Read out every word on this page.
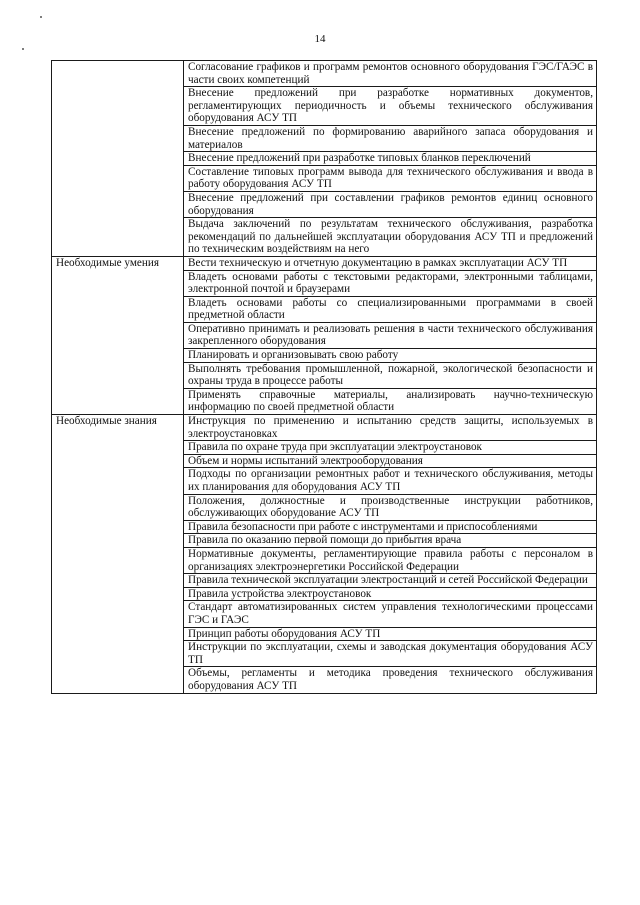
14
	Согласование графиков и программ ремонтов основного оборудования ГЭС/ГАЭС в части своих компетенций
	Внесение предложений при разработке нормативных документов, регламентирующих периодичность и объемы технического обслуживания оборудования АСУ ТП
	Внесение предложений по формированию аварийного запаса оборудования и материалов
	Внесение предложений при разработке типовых бланков переключений
	Составление типовых программ вывода для технического обслуживания и ввода в работу оборудования АСУ ТП
	Внесение предложений при составлении графиков ремонтов единиц основного оборудования
	Выдача заключений по результатам технического обслуживания, разработка рекомендаций по дальнейшей эксплуатации оборудования АСУ ТП и предложений по техническим воздействиям на него
Необходимые умения	Вести техническую и отчетную документацию в рамках эксплуатации АСУ ТП
	Владеть основами работы с текстовыми редакторами, электронными таблицами, электронной почтой и браузерами
	Владеть основами работы со специализированными программами в своей предметной области
	Оперативно принимать и реализовать решения в части технического обслуживания закрепленного оборудования
	Планировать и организовывать свою работу
	Выполнять требования промышленной, пожарной, экологической безопасности и охраны труда в процессе работы
	Применять справочные материалы, анализировать научно-техническую информацию по своей предметной области
Необходимые знания	Инструкция по применению и испытанию средств защиты, используемых в электроустановках
	Правила по охране труда при эксплуатации электроустановок
	Объем и нормы испытаний электрооборудования
	Подходы по организации ремонтных работ и технического обслуживания, методы их планирования для оборудования АСУ ТП
	Положения, должностные и производственные инструкции работников, обслуживающих оборудование АСУ ТП
	Правила безопасности при работе с инструментами и приспособлениями
	Правила по оказанию первой помощи до прибытия врача
	Нормативные документы, регламентирующие правила работы с персоналом в организациях электроэнергетики Российской Федерации
	Правила технической эксплуатации электростанций и сетей Российской Федерации
	Правила устройства электроустановок
	Стандарт автоматизированных систем управления технологическими процессами ГЭС и ГАЭС
	Принцип работы оборудования АСУ ТП
	Инструкции по эксплуатации, схемы и заводская документация оборудования АСУ ТП
	Объемы, регламенты и методика проведения технического обслуживания оборудования АСУ ТП
